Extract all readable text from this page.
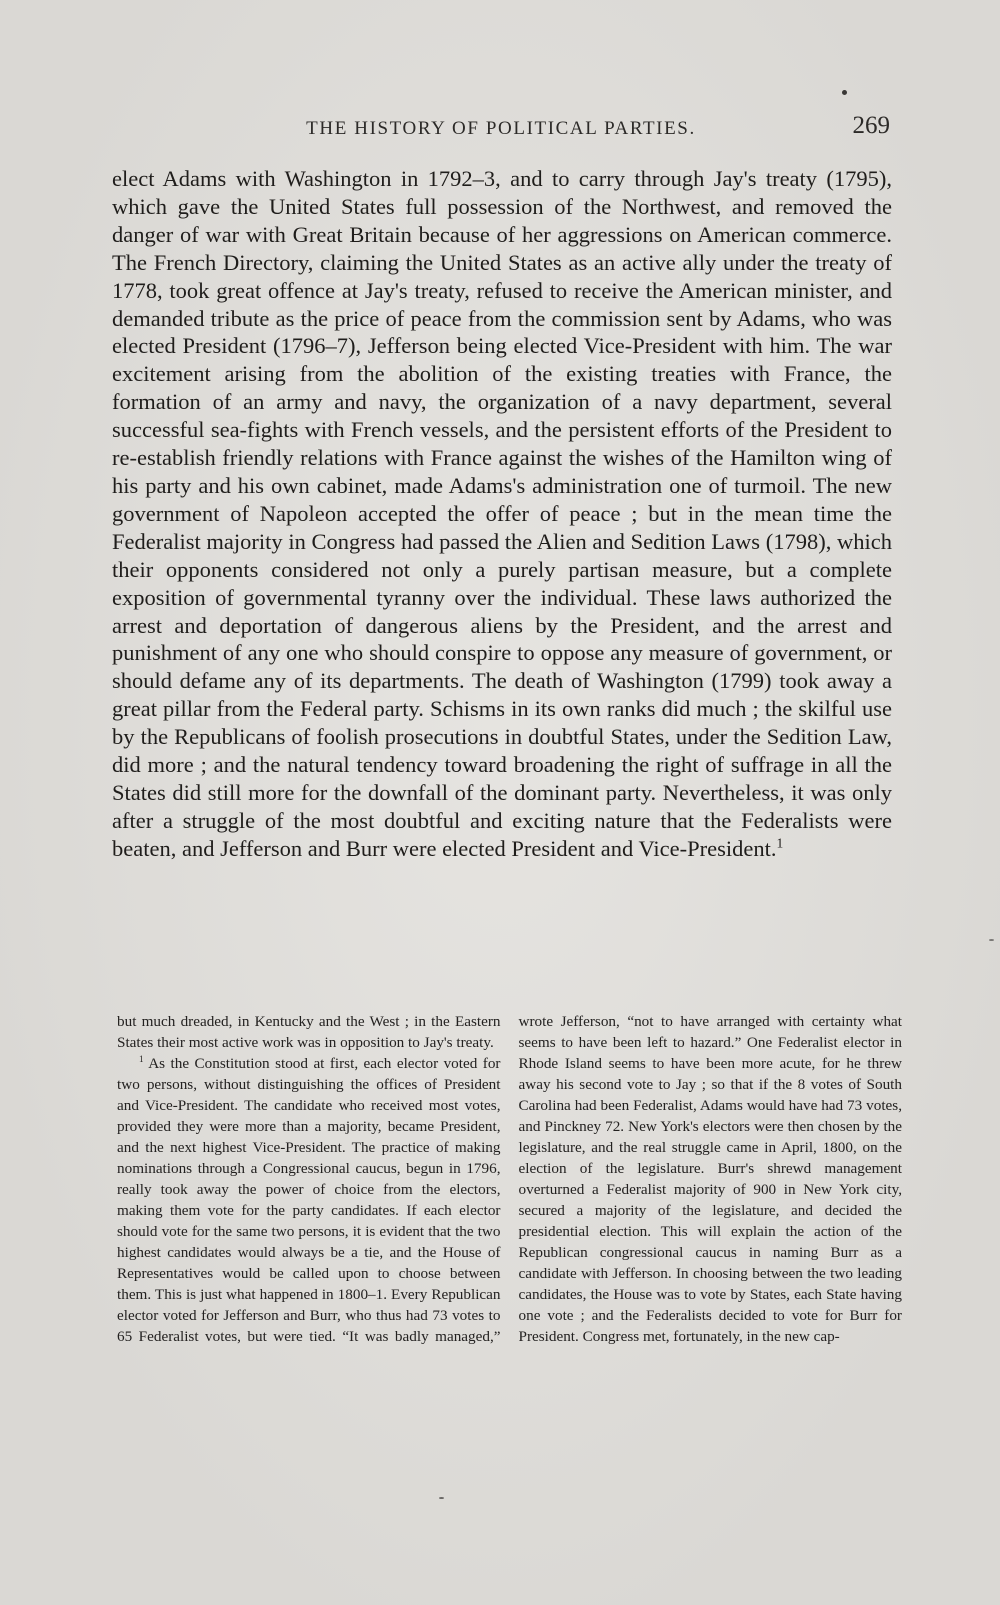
THE HISTORY OF POLITICAL PARTIES.	269

elect Adams with Washington in 1792–3, and to carry through Jay's treaty (1795), which gave the United States full possession of the Northwest, and removed the danger of war with Great Britain because of her aggressions on American commerce. The French Directory, claiming the United States as an active ally under the treaty of 1778, took great offence at Jay's treaty, refused to receive the American minister, and demanded tribute as the price of peace from the commission sent by Adams, who was elected President (1796–7), Jefferson being elected Vice-President with him. The war excitement arising from the abolition of the existing treaties with France, the formation of an army and navy, the organization of a navy department, several successful sea-fights with French vessels, and the persistent efforts of the President to re-establish friendly relations with France against the wishes of the Hamilton wing of his party and his own cabinet, made Adams's administration one of turmoil. The new government of Napoleon accepted the offer of peace ; but in the mean time the Federalist majority in Congress had passed the Alien and Sedition Laws (1798), which their opponents considered not only a purely partisan measure, but a complete exposition of governmental tyranny over the individual. These laws authorized the arrest and deportation of dangerous aliens by the President, and the arrest and punishment of any one who should conspire to oppose any measure of government, or should defame any of its departments. The death of Washington (1799) took away a great pillar from the Federal party. Schisms in its own ranks did much ; the skilful use by the Republicans of foolish prosecutions in doubtful States, under the Sedition Law, did more ; and the natural tendency toward broadening the right of suffrage in all the States did still more for the downfall of the dominant party. Nevertheless, it was only after a struggle of the most doubtful and exciting nature that the Federalists were beaten, and Jefferson and Burr were elected President and Vice-President.$^1$

but much dreaded, in Kentucky and the West ; in the Eastern States their most active work was in opposition to Jay's treaty.

$^1$ As the Constitution stood at first, each elector voted for two persons, without distinguishing the offices of President and Vice-President. The candidate who received most votes, provided they were more than a majority, became President, and the next highest Vice-President. The practice of making nominations through a Congressional caucus, begun in 1796, really took away the power of choice from the electors, making them vote for the party candidates. If each elector should vote for the same two persons, it is evident that the two highest candidates would always be a tie, and the House of Representatives would be called upon to choose between them. This is just what happened in 1800–1. Every Republican elector voted for Jefferson and Burr, who thus had 73 votes to 65 Federalist votes, but were tied. “It was badly managed,” wrote Jefferson, “not to have arranged with certainty what seems to have been left to hazard.” One Federalist elector in Rhode Island seems to have been more acute, for he threw away his second vote to Jay ; so that if the 8 votes of South Carolina had been Federalist, Adams would have had 73 votes, and Pinckney 72. New York's electors were then chosen by the legislature, and the real struggle came in April, 1800, on the election of the legislature. Burr's shrewd management overturned a Federalist majority of 900 in New York city, secured a majority of the legislature, and decided the presidential election. This will explain the action of the Republican congressional caucus in naming Burr as a candidate with Jefferson. In choosing between the two leading candidates, the House was to vote by States, each State having one vote ; and the Federalists decided to vote for Burr for President. Congress met, fortunately, in the new cap-
